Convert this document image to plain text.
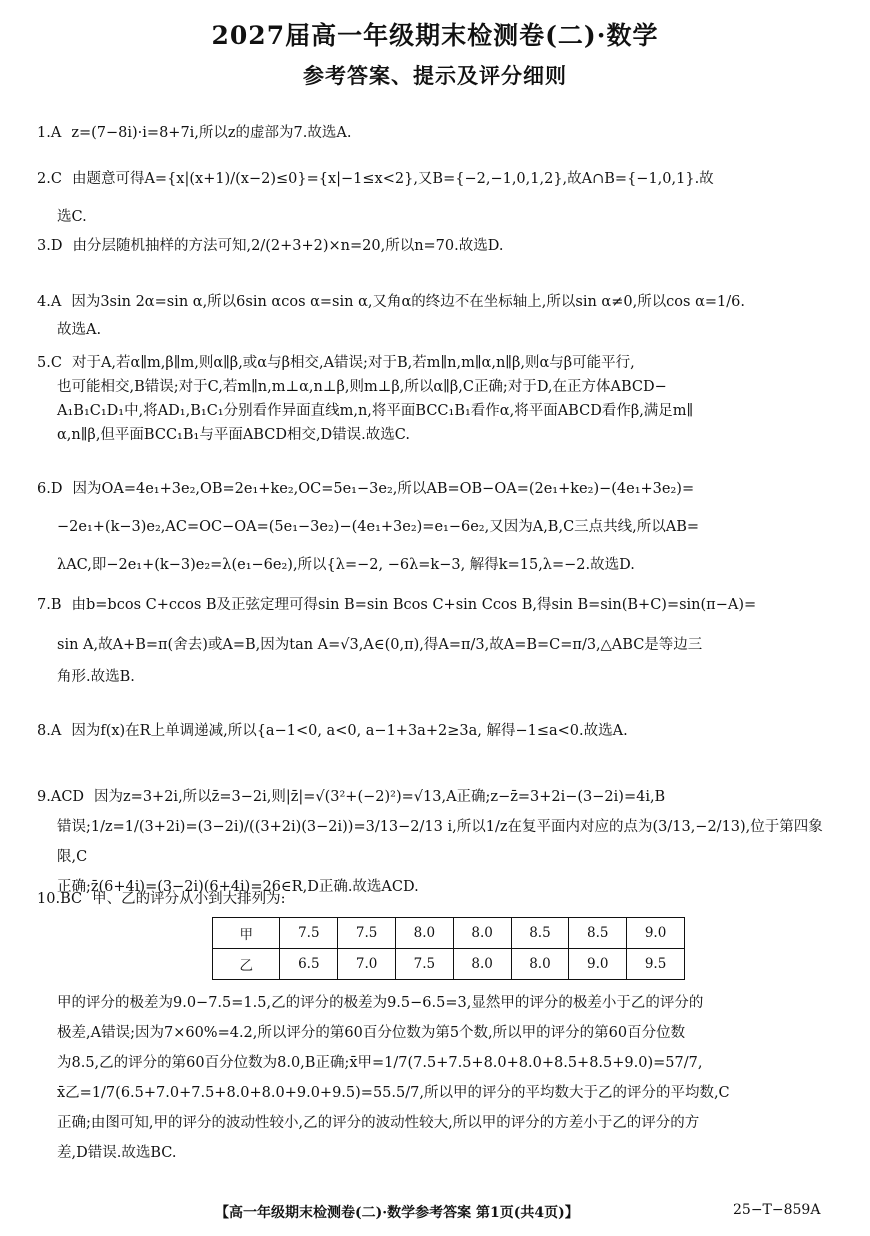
2027届高一年级期末检测卷(二)·数学
参考答案、提示及评分细则

1.A z=(7−8i)·i=8+7i,所以z的虚部为7.故选A.

2.C 由题意可得A={x|(x+1)/(x−2)≤0}={x|−1≤x<2},又B={−2,−1,0,1,2},故A∩B={−1,0,1}.故

选C.

3.D 由分层随机抽样的方法可知,2/(2+3+2)×n=20,所以n=70.故选D.

4.A 因为3sin 2α=sin α,所以6sin αcos α=sin α,又角α的终边不在坐标轴上,所以sin α≠0,所以cos α=1/6.

故选A.

5.C 对于A,若α∥m,β∥m,则α∥β,或α与β相交,A错误;对于B,若m∥n,m∥α,n∥β,则α与β可能平行,

也可能相交,B错误;对于C,若m∥n,m⊥α,n⊥β,则m⊥β,所以α∥β,C正确;对于D,在正方体ABCD−

A₁B₁C₁D₁中,将AD₁,B₁C₁分别看作异面直线m,n,将平面BCC₁B₁看作α,将平面ABCD看作β,满足m∥

α,n∥β,但平面BCC₁B₁与平面ABCD相交,D错误.故选C.

6.D 因为OA=4e₁+3e₂,OB=2e₁+ke₂,OC=5e₁−3e₂,所以AB=OB−OA=(2e₁+ke₂)−(4e₁+3e₂)=

−2e₁+(k−3)e₂,AC=OC−OA=(5e₁−3e₂)−(4e₁+3e₂)=e₁−6e₂,又因为A,B,C三点共线,所以AB=

λAC,即−2e₁+(k−3)e₂=λ(e₁−6e₂),所以{λ=−2, −6λ=k−3, 解得k=15,λ=−2.故选D.

7.B 由b=bcos C+ccos B及正弦定理可得sin B=sin Bcos C+sin Ccos B,得sin B=sin(B+C)=sin(π−A)=

sin A,故A+B=π(舍去)或A=B,因为tan A=√3,A∈(0,π),得A=π/3,故A=B=C=π/3,△ABC是等边三

角形.故选B.

8.A 因为f(x)在R上单调递减,所以{a−1<0, a<0, a−1+3a+2≥3a, 解得−1≤a<0.故选A.

9.ACD 因为z=3+2i,所以z̄=3−2i,则|z̄|=√(3²+(−2)²)=√13,A正确;z−z̄=3+2i−(3−2i)=4i,B

错误;1/z=1/(3+2i)=(3−2i)/((3+2i)(3−2i))=3/13−2/13 i,所以1/z在复平面内对应的点为(3/13,−2/13),位于第四象限,C

正确;z̄(6+4i)=(3−2i)(6+4i)=26∈R,D正确.故选ACD.

10.BC 甲、乙的评分从小到大排列为:

甲	7.5	7.5	8.0	8.0	8.5	8.5	9.0
乙	6.5	7.0	7.5	8.0	8.0	9.0	9.5

甲的评分的极差为9.0−7.5=1.5,乙的评分的极差为9.5−6.5=3,显然甲的评分的极差小于乙的评分的

极差,A错误;因为7×60%=4.2,所以评分的第60百分位数为第5个数,所以甲的评分的第60百分位数

为8.5,乙的评分的第60百分位数为8.0,B正确;x̄甲=1/7(7.5+7.5+8.0+8.0+8.5+8.5+9.0)=57/7,

x̄乙=1/7(6.5+7.0+7.5+8.0+8.0+9.0+9.5)=55.5/7,所以甲的评分的平均数大于乙的评分的平均数,C

正确;由图可知,甲的评分的波动性较小,乙的评分的波动性较大,所以甲的评分的方差小于乙的评分的方

差,D错误.故选BC.

【高一年级期末检测卷(二)·数学参考答案 第1页(共4页)】	25−T−859A
